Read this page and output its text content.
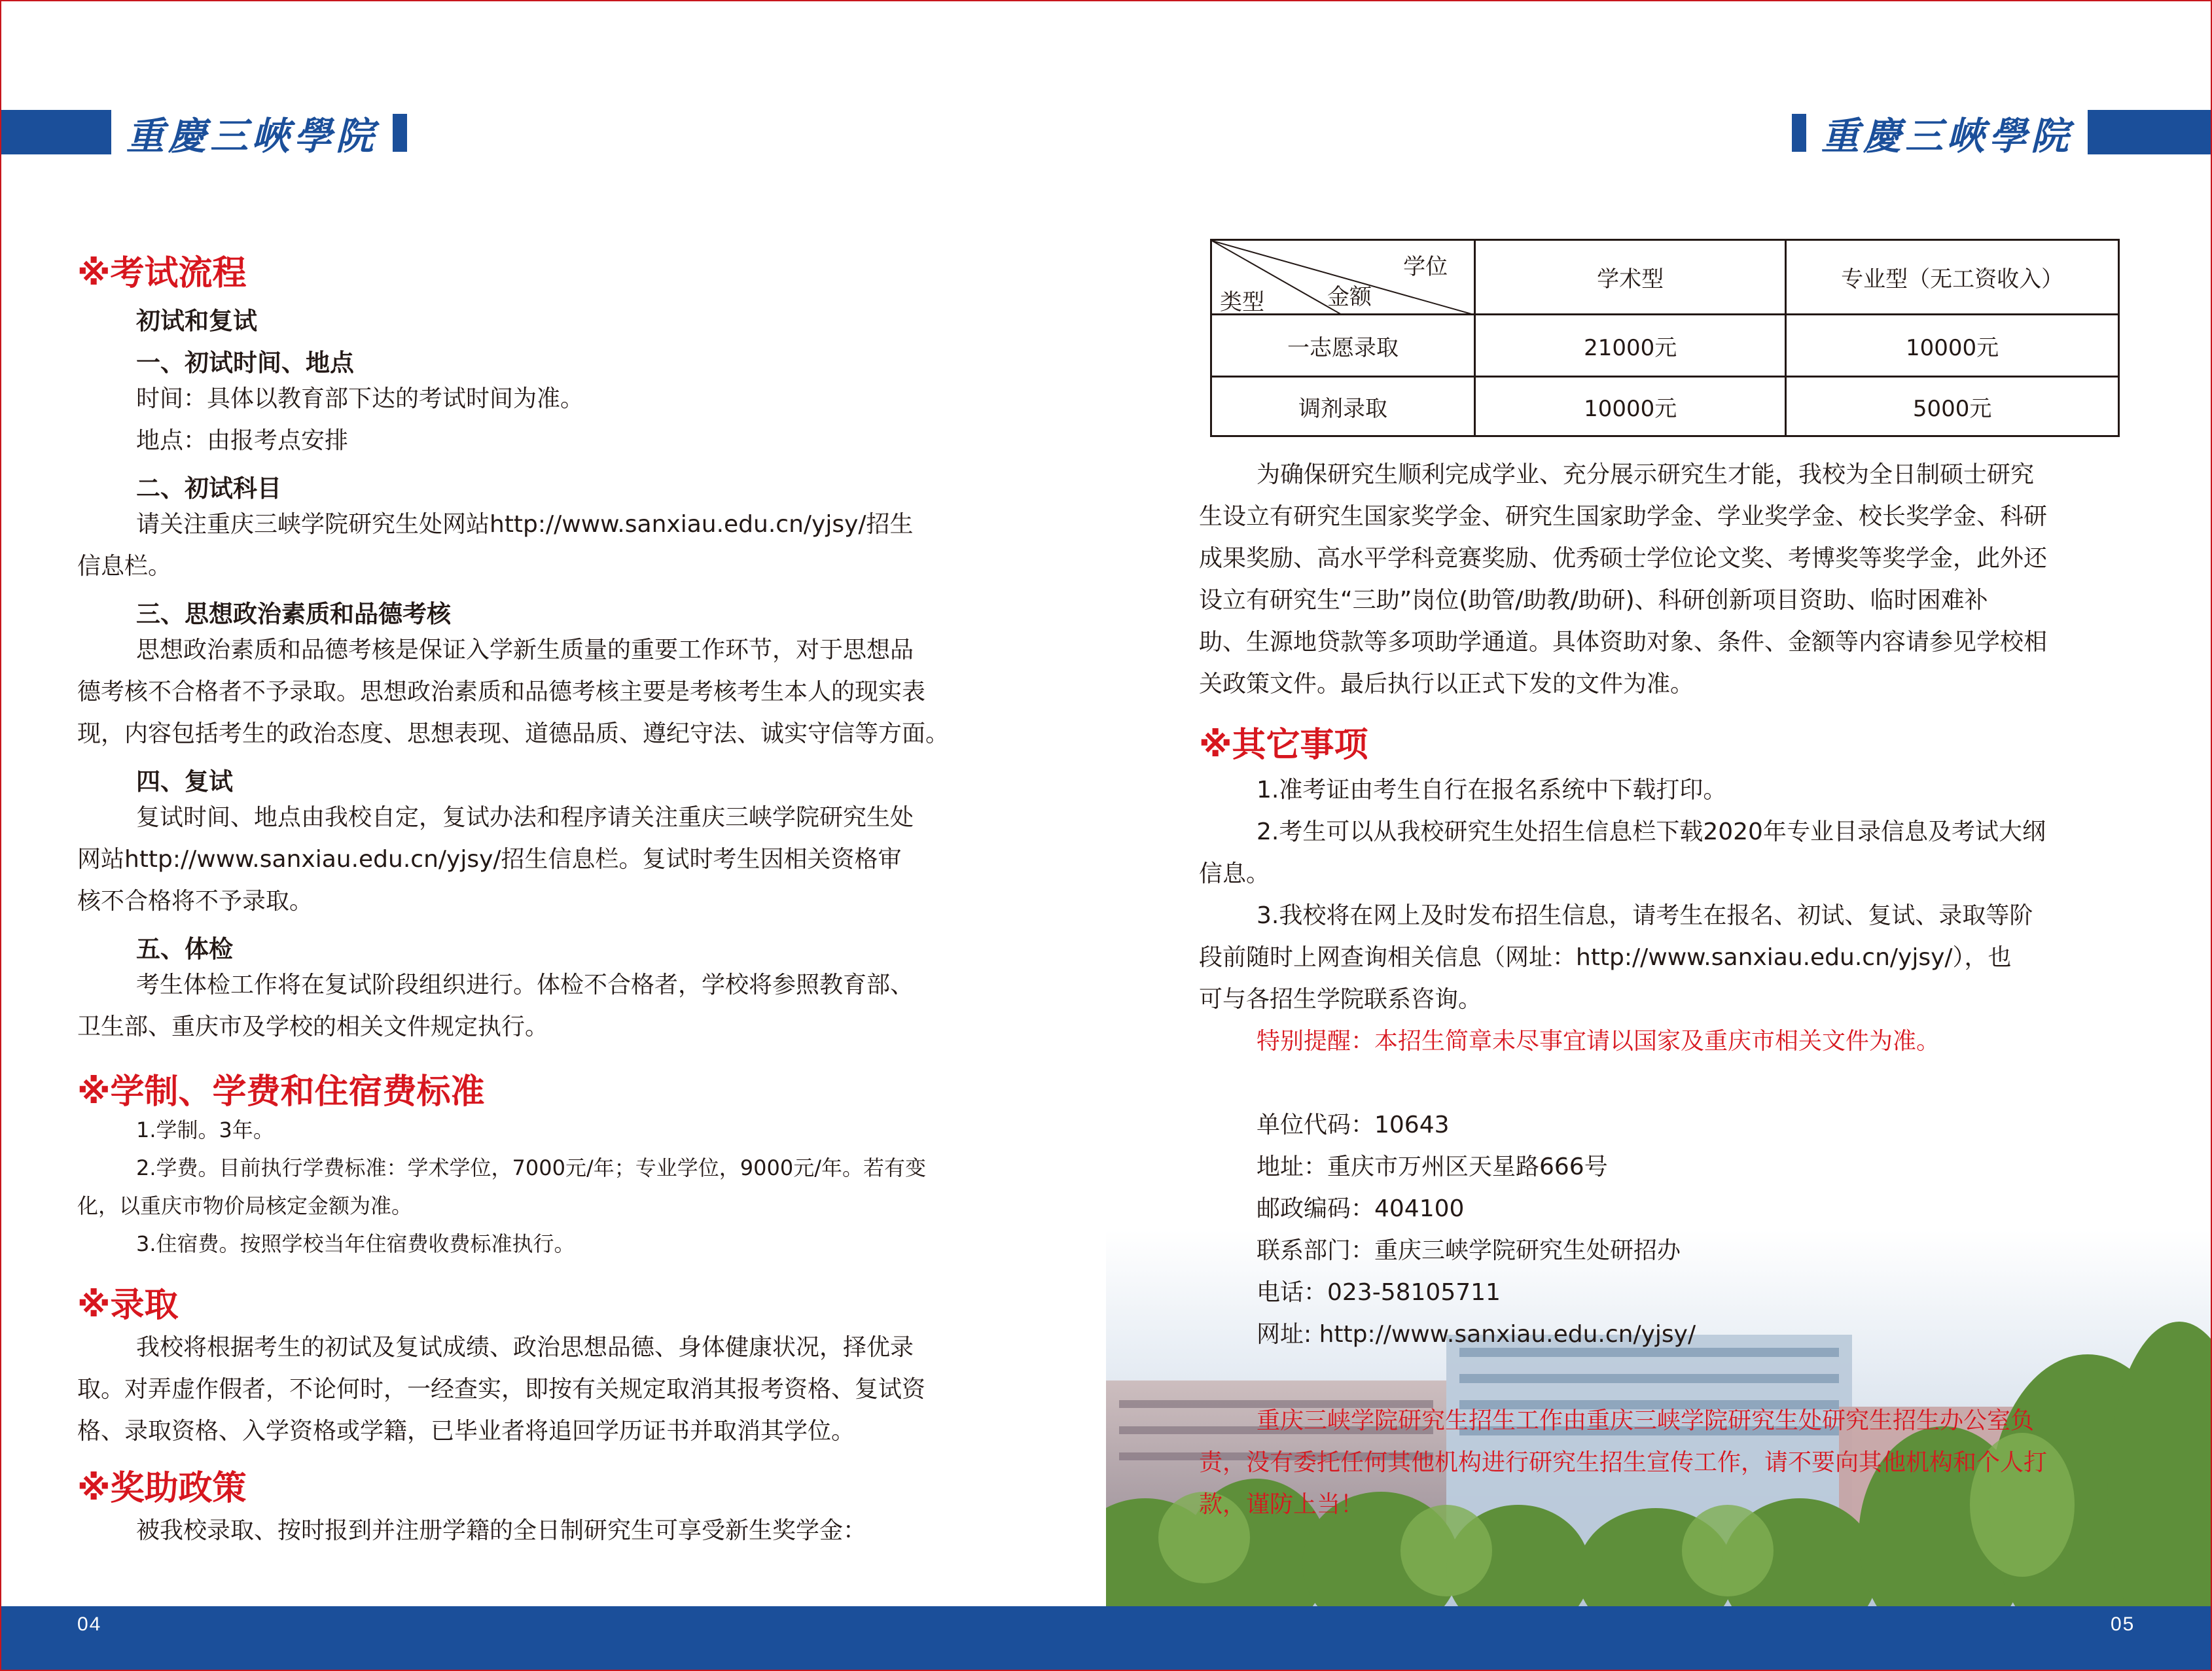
重慶三峽學院
※考试流程
初试和复试
一、初试时间、地点
时间：具体以教育部下达的考试时间为准。
地点：由报考点安排
二、初试科目
请关注重庆三峡学院研究生处网站http://www.sanxiau.edu.cn/yjsy/招生
信息栏。
三、思想政治素质和品德考核
思想政治素质和品德考核是保证入学新生质量的重要工作环节，对于思想品
德考核不合格者不予录取。思想政治素质和品德考核主要是考核考生本人的现实表
现，内容包括考生的政治态度、思想表现、道德品质、遵纪守法、诚实守信等方面。
四、复试
复试时间、地点由我校自定，复试办法和程序请关注重庆三峡学院研究生处
网站http://www.sanxiau.edu.cn/yjsy/招生信息栏。复试时考生因相关资格审
核不合格将不予录取。
五、体检
考生体检工作将在复试阶段组织进行。体检不合格者，学校将参照教育部、
卫生部、重庆市及学校的相关文件规定执行。
※学制、学费和住宿费标准
1.学制。3年。
2.学费。目前执行学费标准：学术学位，7000元/年；专业学位，9000元/年。若有变
化，以重庆市物价局核定金额为准。
3.住宿费。按照学校当年住宿费收费标准执行。
※录取
我校将根据考生的初试及复试成绩、政治思想品德、身体健康状况，择优录
取。对弄虚作假者，不论何时，一经查实，即按有关规定取消其报考资格、复试资
格、录取资格、入学资格或学籍，已毕业者将追回学历证书并取消其学位。
※奖助政策
被我校录取、按时报到并注册学籍的全日制研究生可享受新生奖学金：
04
重慶三峽學院
05
学位
金额
类型	学术型	专业型（无工资收入）
一志愿录取	21000元	10000元
调剂录取	10000元	5000元
为确保研究生顺利完成学业、充分展示研究生才能，我校为全日制硕士研究
生设立有研究生国家奖学金、研究生国家助学金、学业奖学金、校长奖学金、科研
成果奖励、高水平学科竞赛奖励、优秀硕士学位论文奖、考博奖等奖学金，此外还
设立有研究生“三助”岗位(助管/助教/助研)、科研创新项目资助、临时困难补
助、生源地贷款等多项助学通道。具体资助对象、条件、金额等内容请参见学校相
关政策文件。最后执行以正式下发的文件为准。
※其它事项
1.准考证由考生自行在报名系统中下载打印。
2.考生可以从我校研究生处招生信息栏下载2020年专业目录信息及考试大纲
信息。
3.我校将在网上及时发布招生信息，请考生在报名、初试、复试、录取等阶
段前随时上网查询相关信息（网址：http://www.sanxiau.edu.cn/yjsy/），也
可与各招生学院联系咨询。
特别提醒：本招生简章未尽事宜请以国家及重庆市相关文件为准。
单位代码：10643
地址：重庆市万州区天星路666号
邮政编码：404100
联系部门：重庆三峡学院研究生处研招办
电话：023-58105711
网址: http://www.sanxiau.edu.cn/yjsy/
重庆三峡学院研究生招生工作由重庆三峡学院研究生处研究生招生办公室负
责，没有委托任何其他机构进行研究生招生宣传工作，请不要向其他机构和个人打
款，谨防上当！
